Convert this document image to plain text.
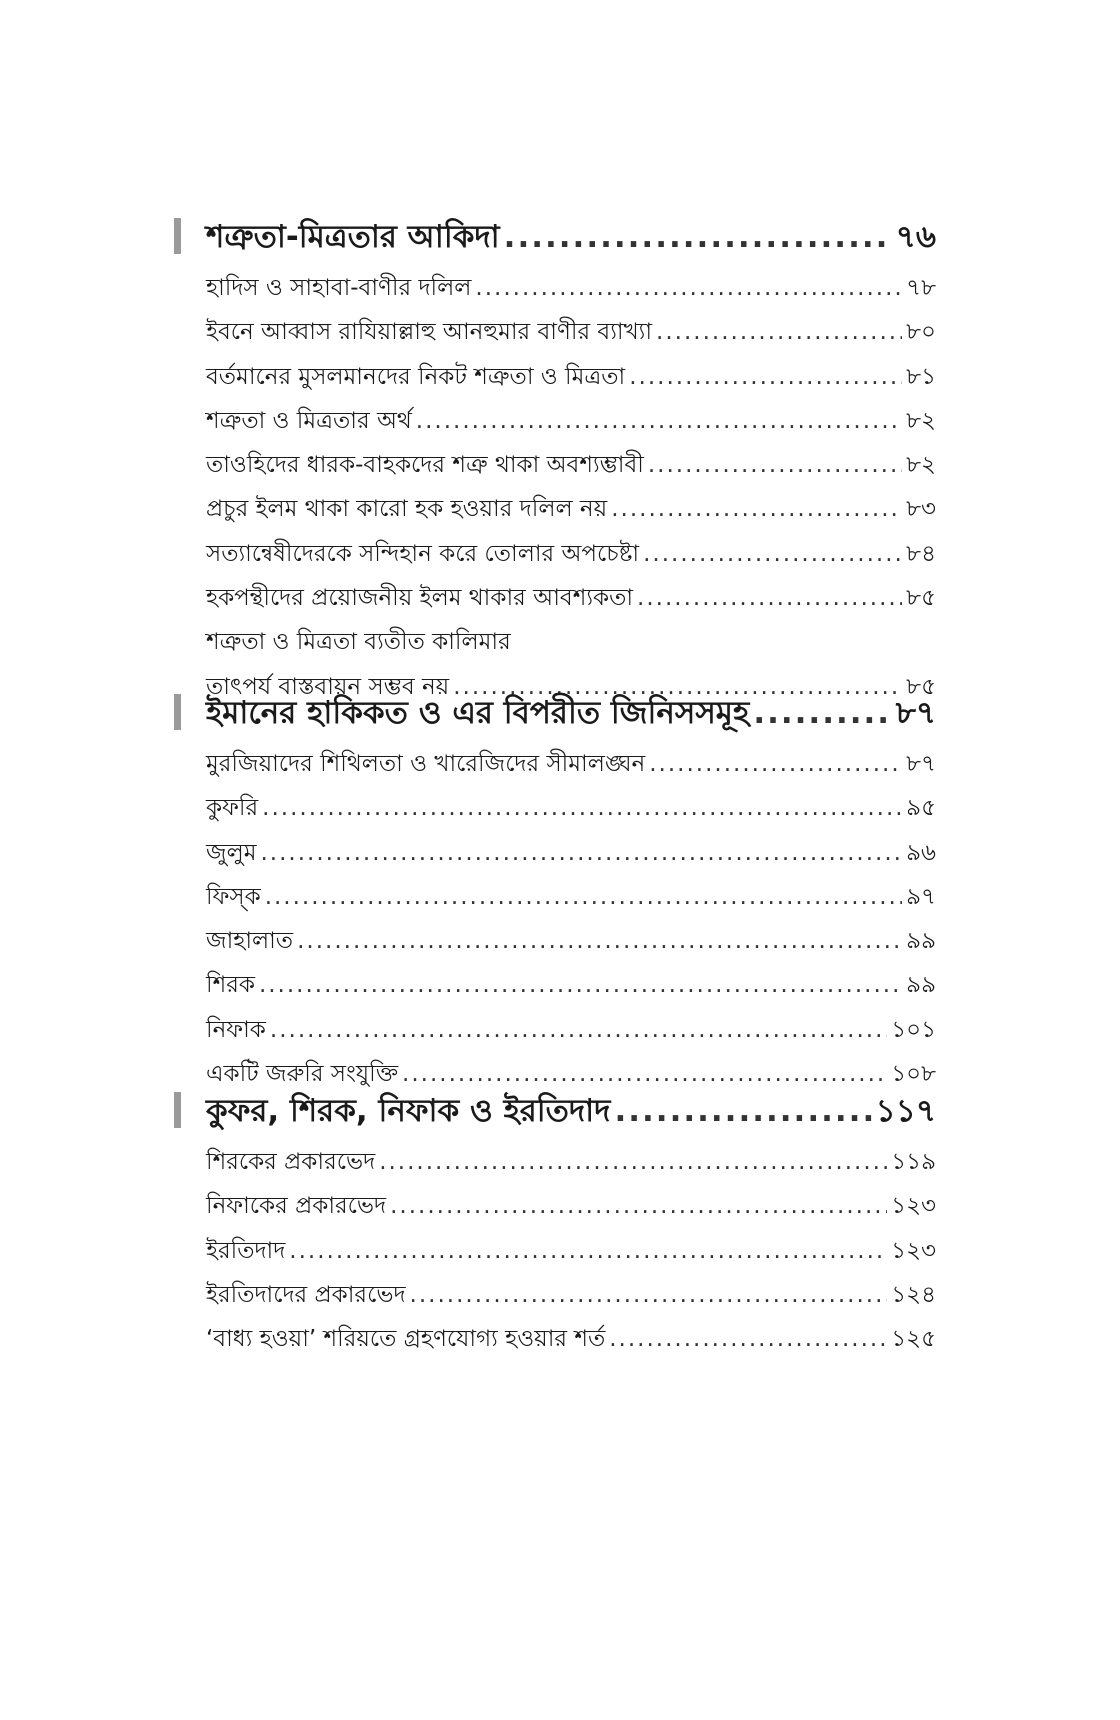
শত্রুতা-মিত্রতার আকিদা .....	৭৬
হাদিস ও সাহাবা-বাণীর দলিল .....	৭৮
ইবনে আব্বাস রাযিয়াল্লাহু আনহুমার বাণীর ব্যাখ্যা .....	৮০
বর্তমানের মুসলমানদের নিকট শত্রুতা ও মিত্রতা .....	৮১
শত্রুতা ও মিত্রতার অর্থ .....	৮২
তাওহিদের ধারক-বাহকদের শত্রু থাকা অবশ্যম্ভাবী .....	৮২
প্রচুর ইলম থাকা কারো হক হওয়ার দলিল নয় .....	৮৩
সত্যান্বেষীদেরকে সন্দিহান করে তোলার অপচেষ্টা .....	৮৪
হকপন্থীদের প্রয়োজনীয় ইলম থাকার আবশ্যকতা .....	৮৫
শত্রুতা ও মিত্রতা ব্যতীত কালিমার
তাৎপর্য বাস্তবায়ন সম্ভব নয় .....	৮৫
ইমানের হাকিকত ও এর বিপরীত জিনিসসমূহ .....	৮৭
মুরজিয়াদের শিথিলতা ও খারেজিদের সীমালঙ্ঘন .....	৮৭
কুফরি .....	৯৫
জুলুম .....	৯৬
ফিস্‌ক .....	৯৭
জাহালাত .....	৯৯
শিরক .....	৯৯
নিফাক .....	১০১
একটি জরুরি সংযুক্তি .....	১০৮
কুফর, শিরক, নিফাক ও ইরতিদাদ .....	১১৭
শিরকের প্রকারভেদ .....	১১৯
নিফাকের প্রকারভেদ .....	১২৩
ইরতিদাদ .....	১২৩
ইরতিদাদের প্রকারভেদ .....	১২৪
‘বাধ্য হওয়া’ শরিয়তে গ্রহণযোগ্য হওয়ার শর্ত .....	১২৫
